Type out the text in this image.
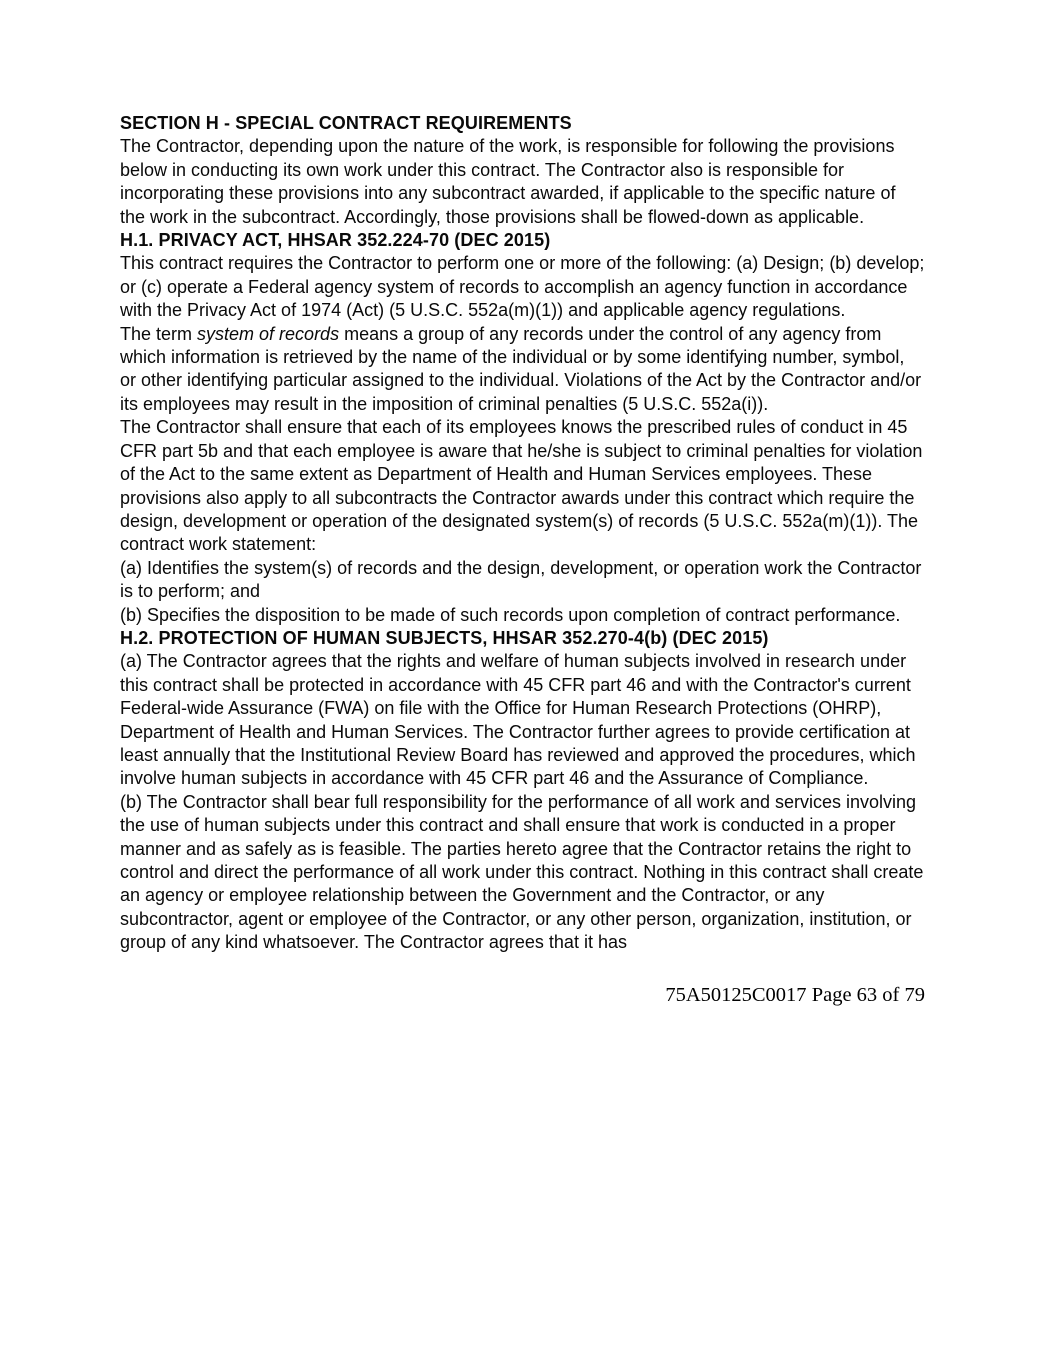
SECTION H - SPECIAL CONTRACT REQUIREMENTS

The Contractor, depending upon the nature of the work, is responsible for following the provisions below in conducting its own work under this contract. The Contractor also is responsible for incorporating these provisions into any subcontract awarded, if applicable to the specific nature of the work in the subcontract. Accordingly, those provisions shall be flowed-down as applicable.

H.1. PRIVACY ACT, HHSAR 352.224-70 (DEC 2015)

This contract requires the Contractor to perform one or more of the following: (a) Design; (b) develop; or (c) operate a Federal agency system of records to accomplish an agency function in accordance with the Privacy Act of 1974 (Act) (5 U.S.C. 552a(m)(1)) and applicable agency regulations.

The term system of records means a group of any records under the control of any agency from which information is retrieved by the name of the individual or by some identifying number, symbol, or other identifying particular assigned to the individual. Violations of the Act by the Contractor and/or its employees may result in the imposition of criminal penalties (5 U.S.C. 552a(i)).

The Contractor shall ensure that each of its employees knows the prescribed rules of conduct in 45 CFR part 5b and that each employee is aware that he/she is subject to criminal penalties for violation of the Act to the same extent as Department of Health and Human Services employees. These provisions also apply to all subcontracts the Contractor awards under this contract which require the design, development or operation of the designated system(s) of records (5 U.S.C. 552a(m)(1)). The contract work statement:

(a) Identifies the system(s) of records and the design, development, or operation work the Contractor is to perform; and

(b) Specifies the disposition to be made of such records upon completion of contract performance.

H.2. PROTECTION OF HUMAN SUBJECTS, HHSAR 352.270-4(b) (DEC 2015)

(a) The Contractor agrees that the rights and welfare of human subjects involved in research under this contract shall be protected in accordance with 45 CFR part 46 and with the Contractor's current Federal-wide Assurance (FWA) on file with the Office for Human Research Protections (OHRP), Department of Health and Human Services. The Contractor further agrees to provide certification at least annually that the Institutional Review Board has reviewed and approved the procedures, which involve human subjects in accordance with 45 CFR part 46 and the Assurance of Compliance.

(b) The Contractor shall bear full responsibility for the performance of all work and services involving the use of human subjects under this contract and shall ensure that work is conducted in a proper manner and as safely as is feasible. The parties hereto agree that the Contractor retains the right to control and direct the performance of all work under this contract. Nothing in this contract shall create an agency or employee relationship between the Government and the Contractor, or any subcontractor, agent or employee of the Contractor, or any other person, organization, institution, or group of any kind whatsoever. The Contractor agrees that it has

75A50125C0017 Page 63 of 79
